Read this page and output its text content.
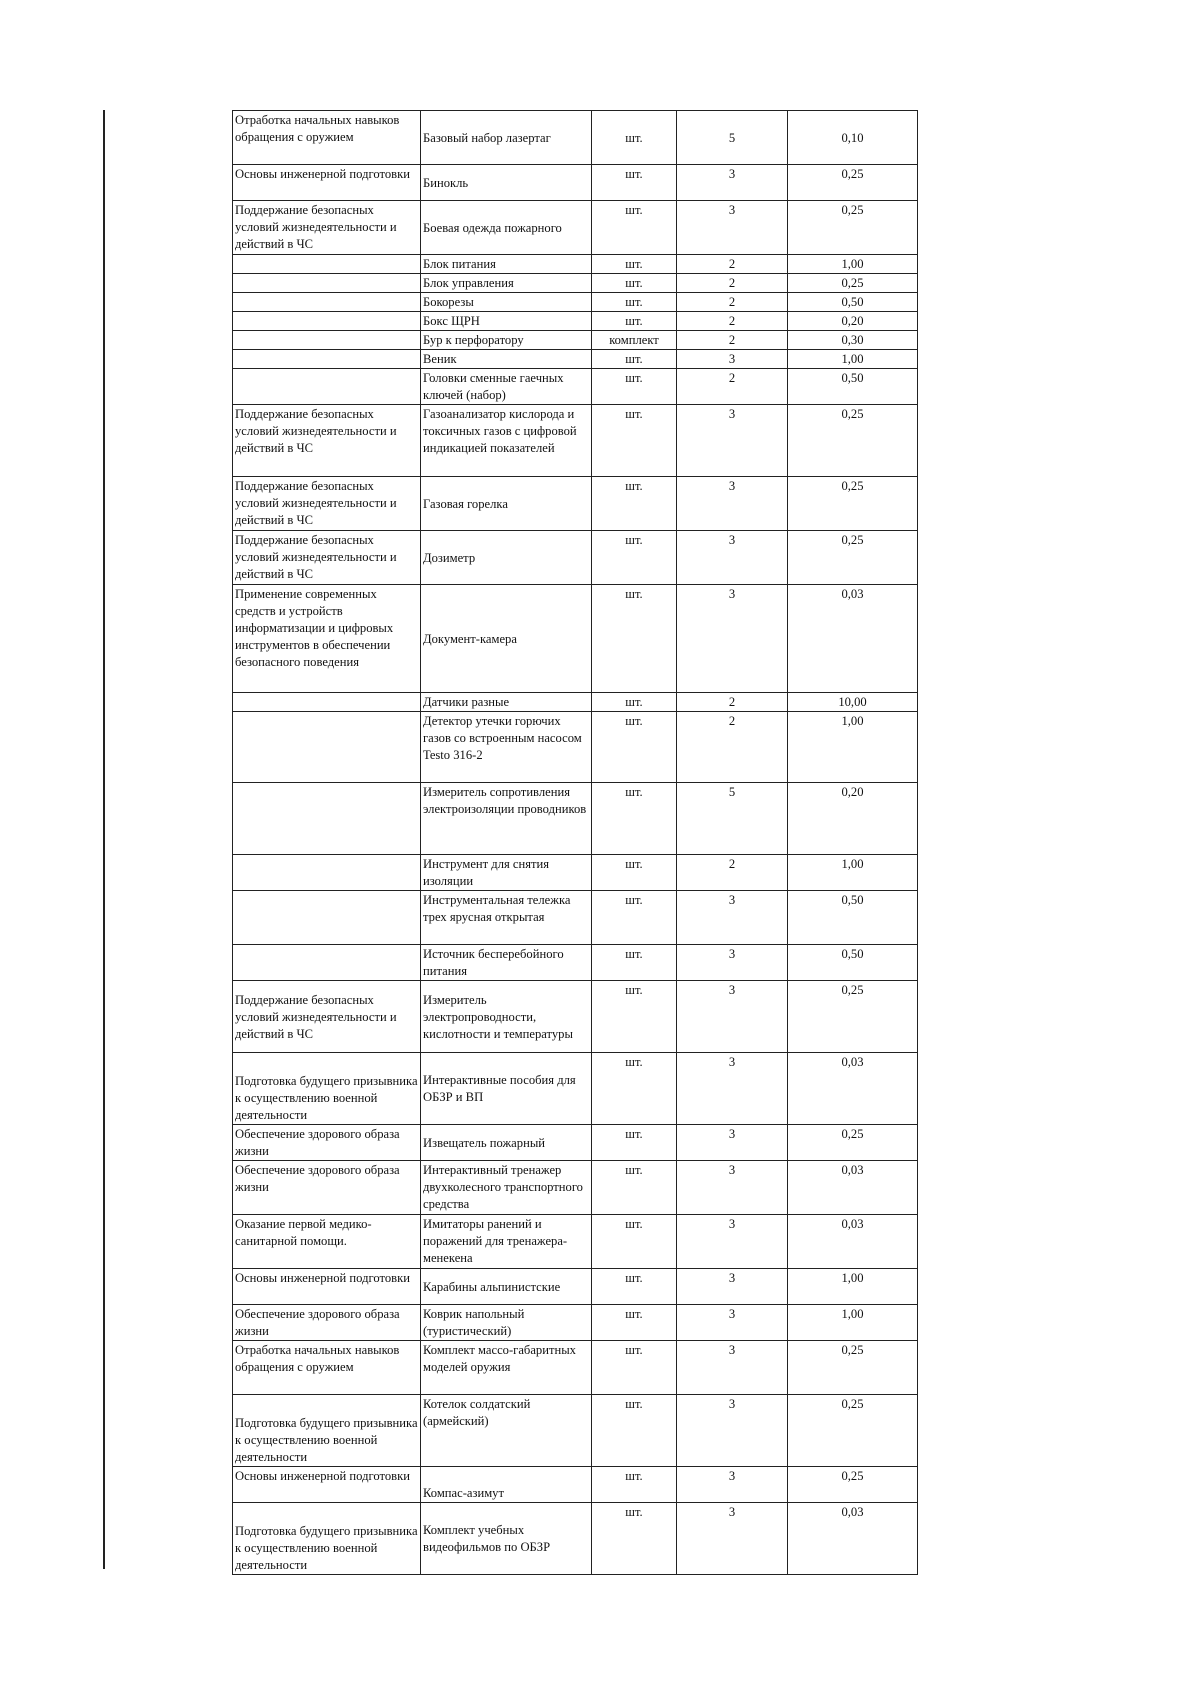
Отработка начальных навыков обращения с оружием	Базовый набор лазертаг	шт.	5	0,10
Основы инженерной подготовки	Бинокль	шт.	3	0,25
Поддержание безопасных условий жизнедеятельности и действий в ЧС	Боевая одежда пожарного	шт.	3	0,25
	Блок питания	шт.	2	1,00
	Блок управления	шт.	2	0,25
	Бокорезы	шт.	2	0,50
	Бокс ЩРН	шт.	2	0,20
	Бур к перфоратору	комплект	2	0,30
	Веник	шт.	3	1,00
	Головки сменные гаечных ключей (набор)	шт.	2	0,50
Поддержание безопасных условий жизнедеятельности и действий в ЧС	Газоанализатор кислорода и токсичных газов с цифровой индикацией показателей	шт.	3	0,25
Поддержание безопасных условий жизнедеятельности и действий в ЧС	Газовая горелка	шт.	3	0,25
Поддержание безопасных условий жизнедеятельности и действий в ЧС	Дозиметр	шт.	3	0,25
Применение современных средств и устройств информатизации и цифровых инструментов в обеспечении безопасного поведения	Документ-камера	шт.	3	0,03
	Датчики разные	шт.	2	10,00
	Детектор утечки горючих газов со встроенным насосом Testo 316-2	шт.	2	1,00
	Измеритель сопротивления электроизоляции проводников	шт.	5	0,20
	Инструмент для снятия изоляции	шт.	2	1,00
	Инструментальная тележка трех ярусная открытая	шт.	3	0,50
	Источник бесперебойного питания	шт.	3	0,50
Поддержание безопасных условий жизнедеятельности и действий в ЧС	Измеритель электропроводности, кислотности и температуры	шт.	3	0,25
Подготовка будущего призывника к осуществлению военной деятельности	Интерактивные пособия для ОБЗР и ВП	шт.	3	0,03
Обеспечение здорового образа жизни	Извещатель пожарный	шт.	3	0,25
Обеспечение здорового образа жизни	Интерактивный тренажер двухколесного транспортного средства	шт.	3	0,03
Оказание первой медико-санитарной помощи.	Имитаторы ранений и поражений для тренажера-менекена	шт.	3	0,03
Основы инженерной подготовки	Карабины альпинистские	шт.	3	1,00
Обеспечение здорового образа жизни	Коврик напольный (туристический)	шт.	3	1,00
Отработка начальных навыков обращения с оружием	Комплект массо-габаритных моделей оружия	шт.	3	0,25
Подготовка будущего призывника к осуществлению военной деятельности	Котелок солдатский (армейский)	шт.	3	0,25
Основы инженерной подготовки	Компас-азимут	шт.	3	0,25
Подготовка будущего призывника к осуществлению военной деятельности	Комплект учебных видеофильмов по ОБЗР	шт.	3	0,03
